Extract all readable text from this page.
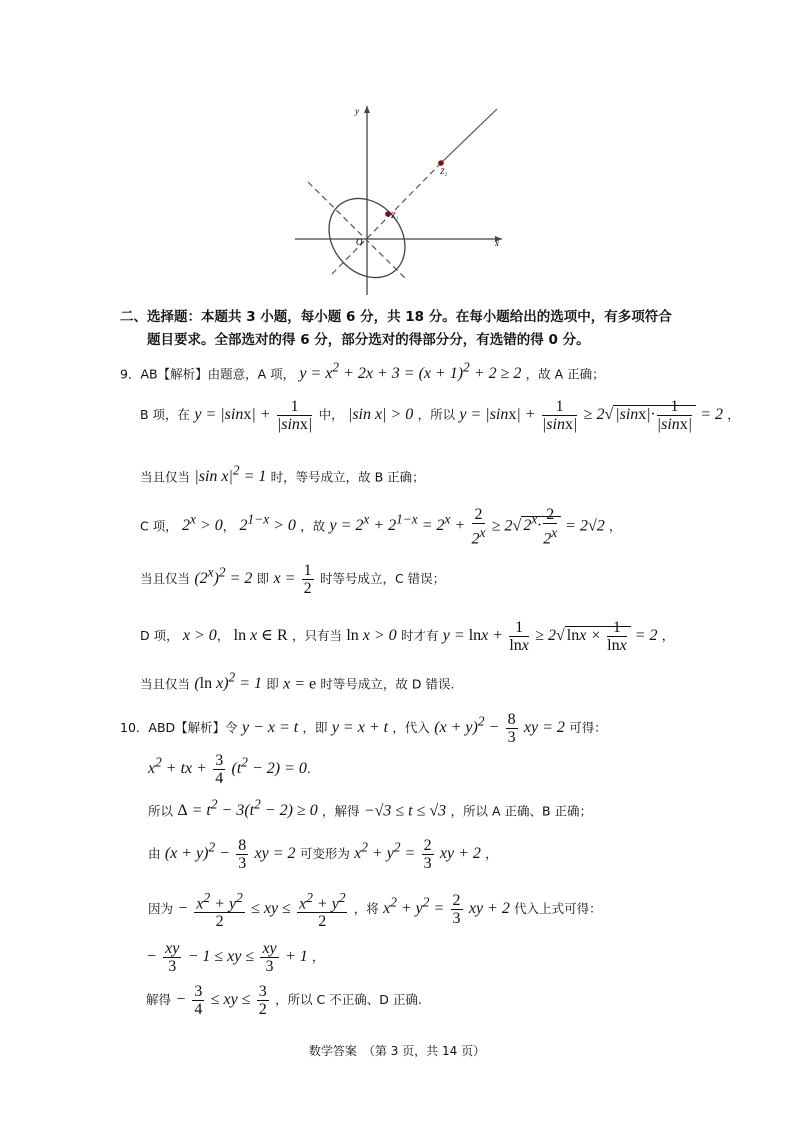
y
x
O
Z₁
Z₂
二、选择题：本题共 3 小题，每小题 6 分，共 18 分。在每小题给出的选项中，有多项符合
题目要求。全部选对的得 6 分，部分选对的得部分分，有选错的得 0 分。
9．AB【解析】由题意，A 项， $y = x^2 + 2x + 3 = (x + 1)^2 + 2 \ge 2$ ，故 A 正确；
B 项，在 $y = |\sin x| + \frac{1}{|\sin x|}$ 中， |sin x| > 0 ，所以 $y = |\sin x| + \frac{1}{|\sin x|} \ge 2√$ $|\sin x|\cdot \frac{1}{|\sin x|} = 2$ ，
当且仅当 |sin $x|^2 = 1$ 时，等号成立，故 B 正确；
C 项， $2^x > 0$， $2^{1-x} > 0$ ，故 $y = 2^x + 2^{1-x} = 2^x + \frac{2}{2^x} \ge 2√$ $2^x\cdot \frac{2}{2^x} = 2√2$ ，
当且仅当 $(2^x)^2 = 2$ 即 $x = \frac{1}{2}$ 时等号成立，C 错误；
D 项， x > 0， ln x ∈ R ，只有当 ln x > 0 时才有 $y = \ln x + \frac{1}{\ln x} \ge 2√$ $\ln x \times \frac{1}{\ln x} = 2$ ，
当且仅当 (ln x)$^2$ = 1 即 x = e 时等号成立，故 D 错误.
10．ABD【解析】令 y − x = t ，即 y = x + t ，代入 $(x + y)^2 - \frac{8}{3}$ xy = 2 可得：
$x^2$ + tx + $\frac{3}{4} (t^2 - 2) = 0$.
所以 $\Delta = t^2 - 3(t^2 - 2) \ge 0$ ，解得 −√3 ≤ t ≤ √3 ，所以 A 正确、B 正确；
由 $(x + y)^2 - \frac{8}{3}$ xy = 2 可变形为 $x^2 + y^2 = \frac{2}{3}$ xy + 2 ，
因为 − $\frac{x^2 + y^2}{2}$ ≤ xy ≤ $\frac{x^2 + y^2}{2}$ ，将 $x^2 + y^2 = \frac{2}{3}$ xy + 2 代入上式可得：
− $\frac{xy}{3} - 1$ ≤ xy ≤ $\frac{xy}{3} + 1$ ，
解得 − $\frac{3}{4}$ ≤ xy ≤ $\frac{3}{2}$ ，所以 C 不正确、D 正确.
数学答案　（第 3 页，共 14 页）
